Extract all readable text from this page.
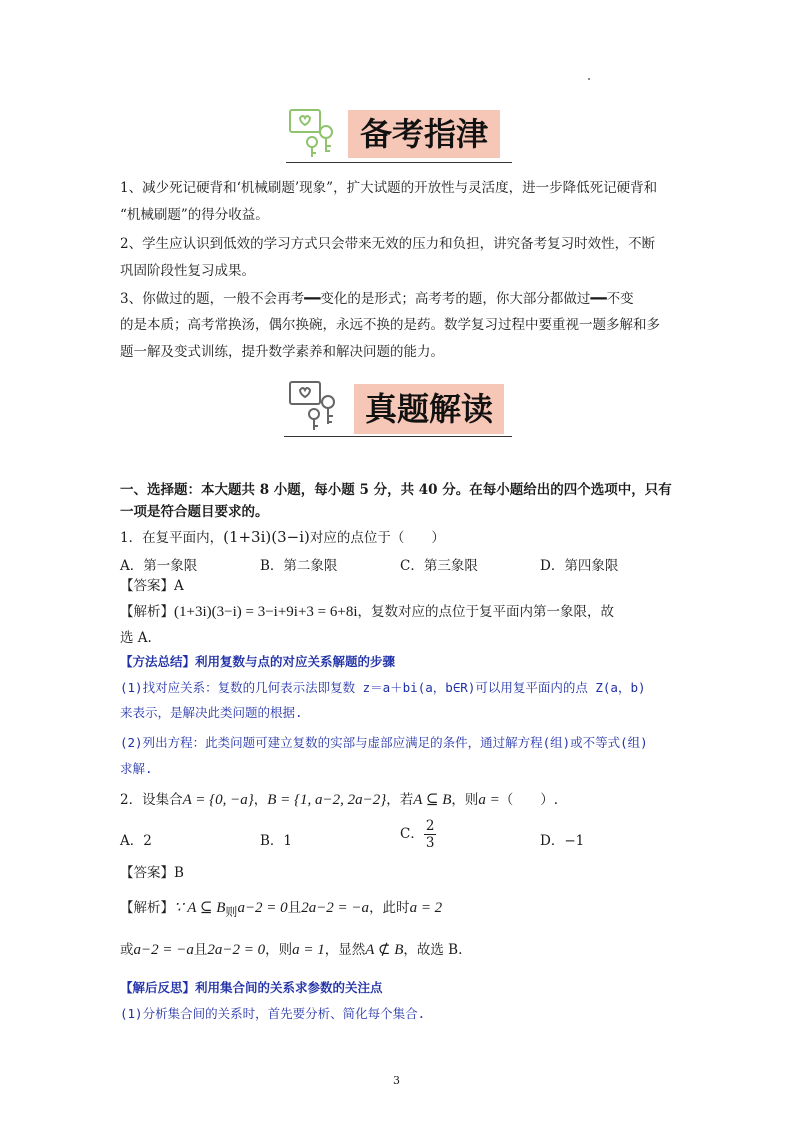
备考指津

1、减少死记硬背和‘机械刷题’现象”，扩大试题的开放性与灵活度，进一步降低死记硬背和

“机械刷题”的得分收益。

2、学生应认识到低效的学习方式只会带来无效的压力和负担，讲究备考复习时效性，不断

巩固阶段性复习成果。

3、你做过的题，一般不会再考━━变化的是形式；高考考的题，你大部分都做过━━不变

的是本质；高考常换汤，偶尔换碗，永远不换的是药。数学复习过程中要重视一题多解和多

题一解及变式训练，提升数学素养和解决问题的能力。

真题解读

一、选择题：本大题共 8 小题，每小题 5 分，共 40 分。在每小题给出的四个选项中，只有

一项是符合题目要求的。

1．在复平面内，(1+3i)(3−i)对应的点位于（　　）

A．第一象限	B．第二象限	C．第三象限	D．第四象限

【答案】A

【解析】(1+3i)(3−i) = 3−i+9i+3 = 6+8i，复数对应的点位于复平面内第一象限，故

选 A.

【方法总结】利用复数与点的对应关系解题的步骤

(1)找对应关系：复数的几何表示法即复数 z＝a＋bi(a，b∈R)可以用复平面内的点 Z(a，b)

来表示，是解决此类问题的根据.

(2)列出方程：此类问题可建立复数的实部与虚部应满足的条件，通过解方程(组)或不等式(组)

求解.

2．设集合A = {0, −a}，B = {1, a−2, 2a−2}，若A ⊆ B，则a =（　　）.

A．2	B．1	C． $\frac{2}{3}$	D．−1

【答案】B

【解析】∵ A ⊆ B则a−2 = 0且2a−2 = −a，此时a = 2

或a−2 = −a且2a−2 = 0，则a = 1，显然A ⊄ B，故选 B.

【解后反思】利用集合间的关系求参数的关注点

(1)分析集合间的关系时，首先要分析、简化每个集合.

3
